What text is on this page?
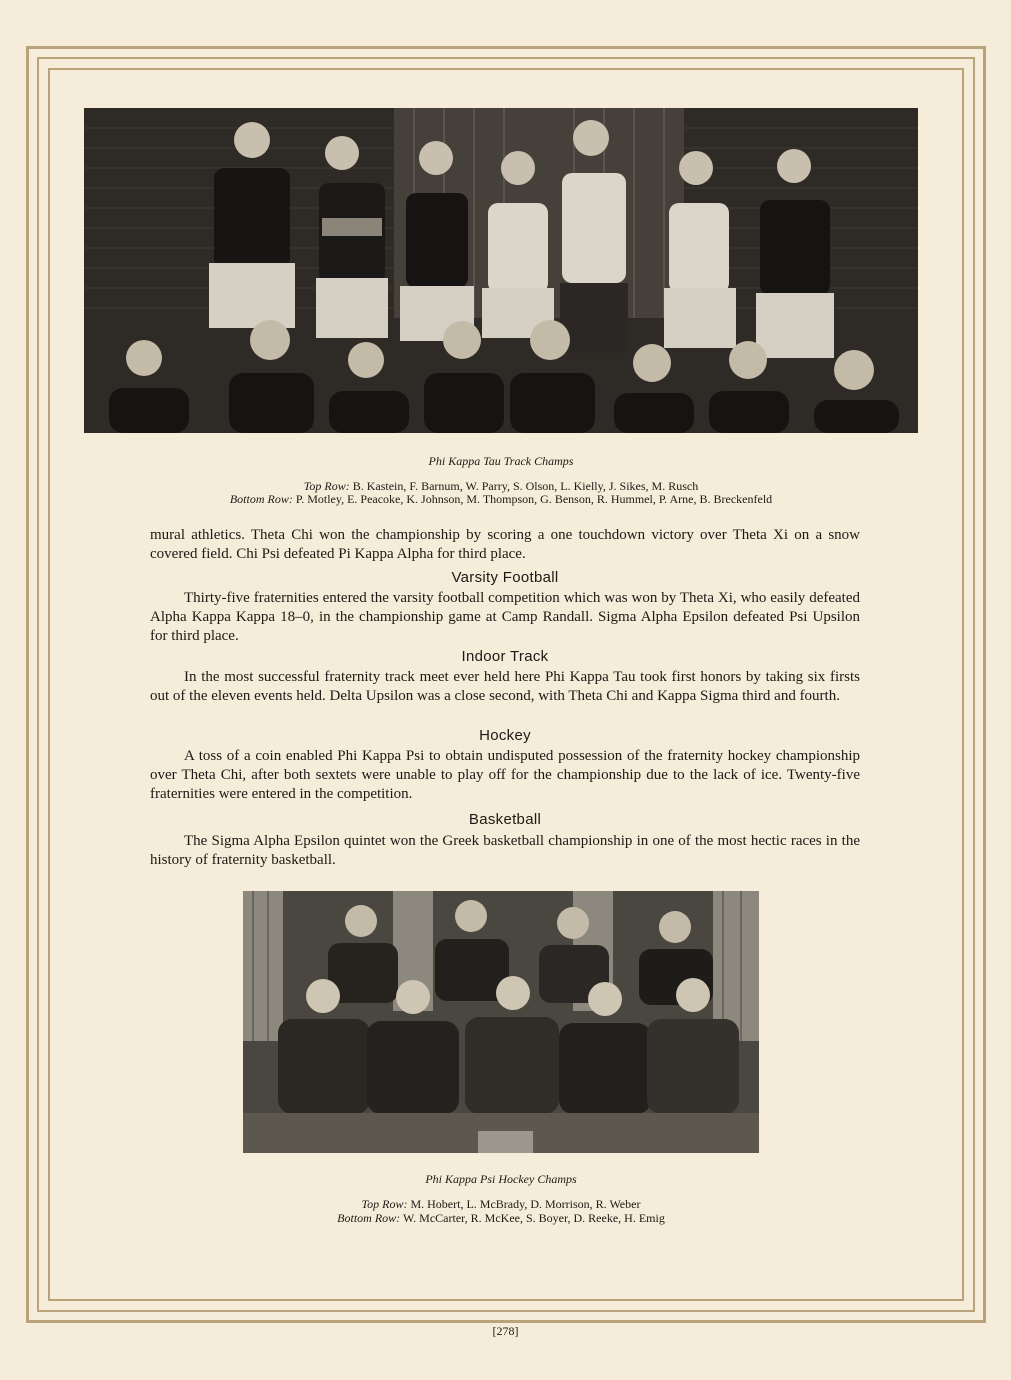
Phi Kappa Tau Track Champs
Top Row: B. Kastein, F. Barnum, W. Parry, S. Olson, L. Kielly, J. Sikes, M. Rusch
Bottom Row: P. Motley, E. Peacoke, K. Johnson, M. Thompson, G. Benson, R. Hummel, P. Arne, B. Breckenfeld

mural athletics. Theta Chi won the championship by scoring a one touchdown victory over Theta Xi on a snow covered field. Chi Psi defeated Pi Kappa Alpha for third place.

Varsity Football

Thirty-five fraternities entered the varsity football competition which was won by Theta Xi, who easily defeated Alpha Kappa Kappa 18–0, in the championship game at Camp Randall. Sigma Alpha Epsilon defeated Psi Upsilon for third place.

Indoor Track

In the most successful fraternity track meet ever held here Phi Kappa Tau took first honors by taking six firsts out of the eleven events held. Delta Upsilon was a close second, with Theta Chi and Kappa Sigma third and fourth.

Hockey

A toss of a coin enabled Phi Kappa Psi to obtain undisputed possession of the fraternity hockey championship over Theta Chi, after both sextets were unable to play off for the championship due to the lack of ice. Twenty-five fraternities were entered in the competition.

Basketball

The Sigma Alpha Epsilon quintet won the Greek basketball championship in one of the most hectic races in the history of fraternity basketball.

Phi Kappa Psi Hockey Champs
Top Row: M. Hobert, L. McBrady, D. Morrison, R. Weber
Bottom Row: W. McCarter, R. McKee, S. Boyer, D. Reeke, H. Emig
[278]
